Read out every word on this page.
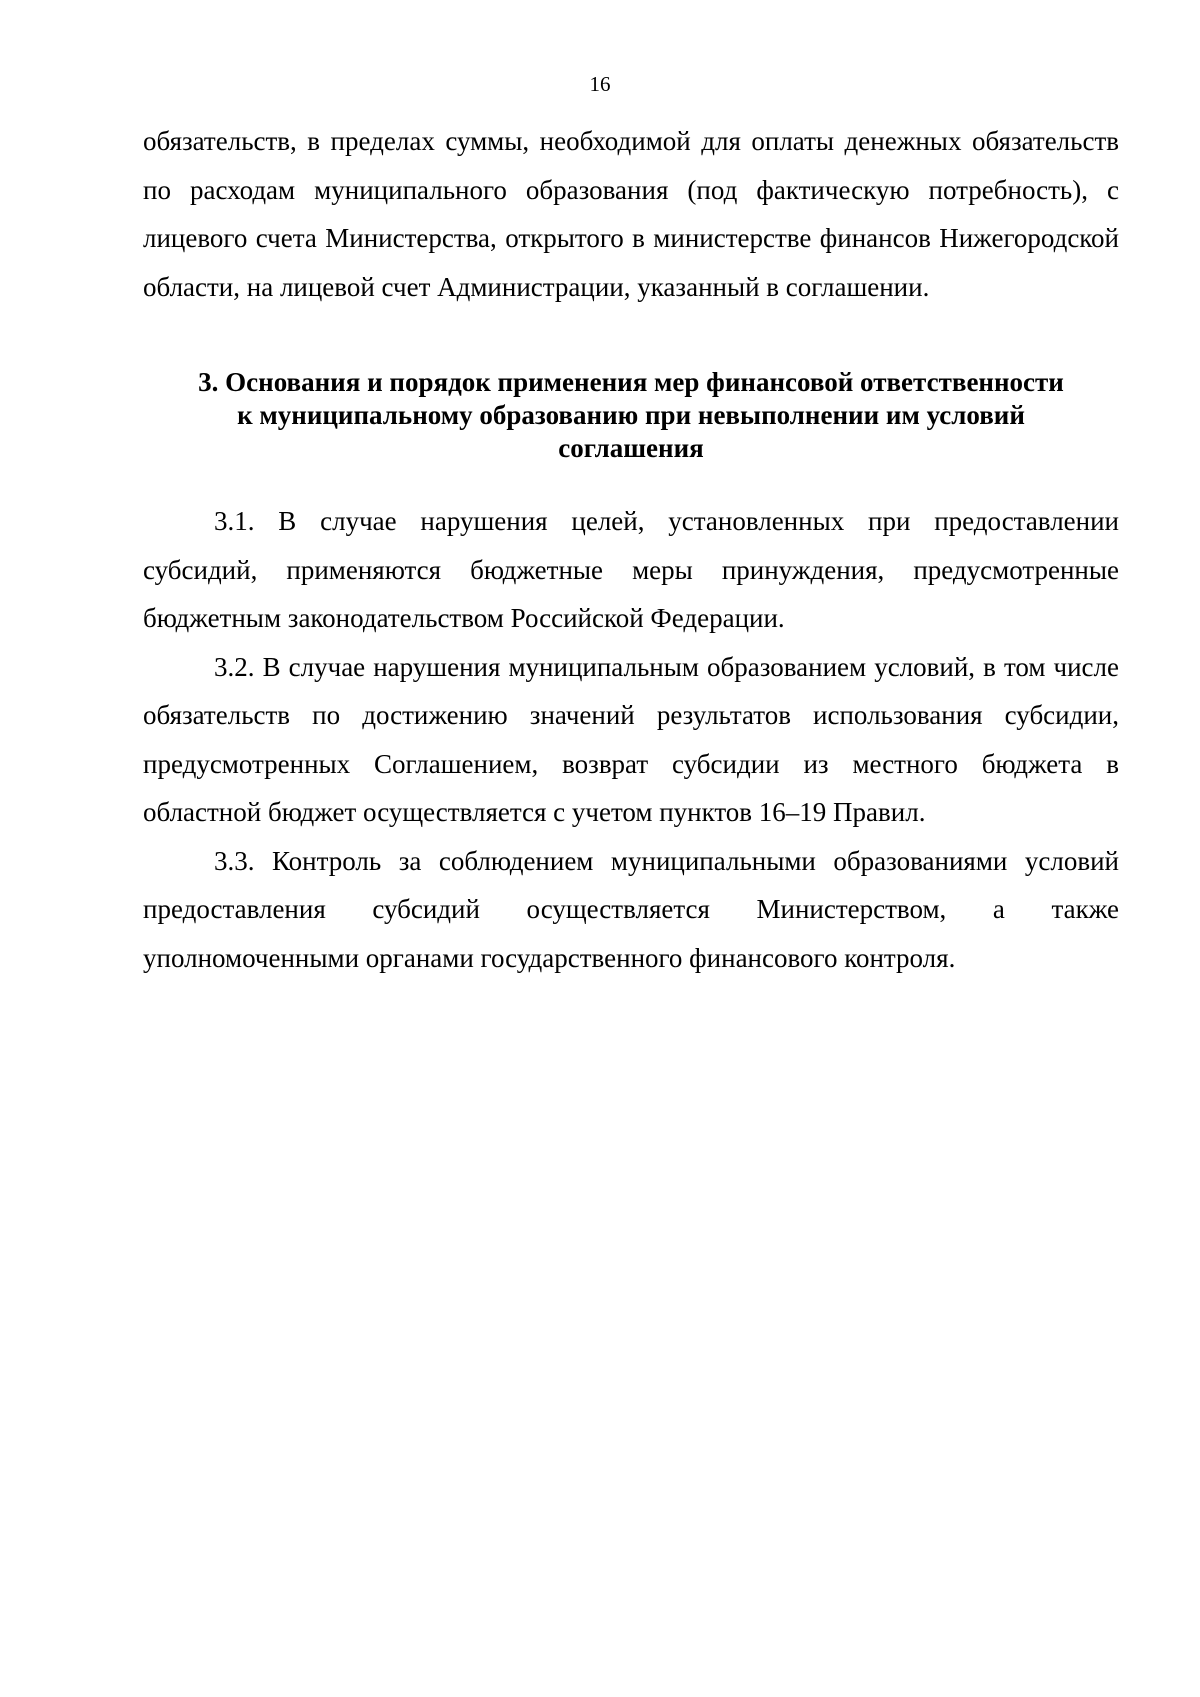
16

обязательств, в пределах суммы, необходимой для оплаты денежных обязательств по расходам муниципального образования (под фактическую потребность), с лицевого счета Министерства, открытого в министерстве финансов Нижегородской области, на лицевой счет Администрации, указанный в соглашении.

3. Основания и порядок применения мер финансовой ответственности
к муниципальному образованию при невыполнении им условий
соглашения

3.1. В случае нарушения целей, установленных при предоставлении субсидий, применяются бюджетные меры принуждения, предусмотренные бюджетным законодательством Российской Федерации.

3.2. В случае нарушения муниципальным образованием условий, в том числе обязательств по достижению значений результатов использования субсидии, предусмотренных Соглашением, возврат субсидии из местного бюджета в областной бюджет осуществляется с учетом пунктов 16–19 Правил.

3.3. Контроль за соблюдением муниципальными образованиями условий предоставления субсидий осуществляется Министерством, а также уполномоченными органами государственного финансового контроля.
